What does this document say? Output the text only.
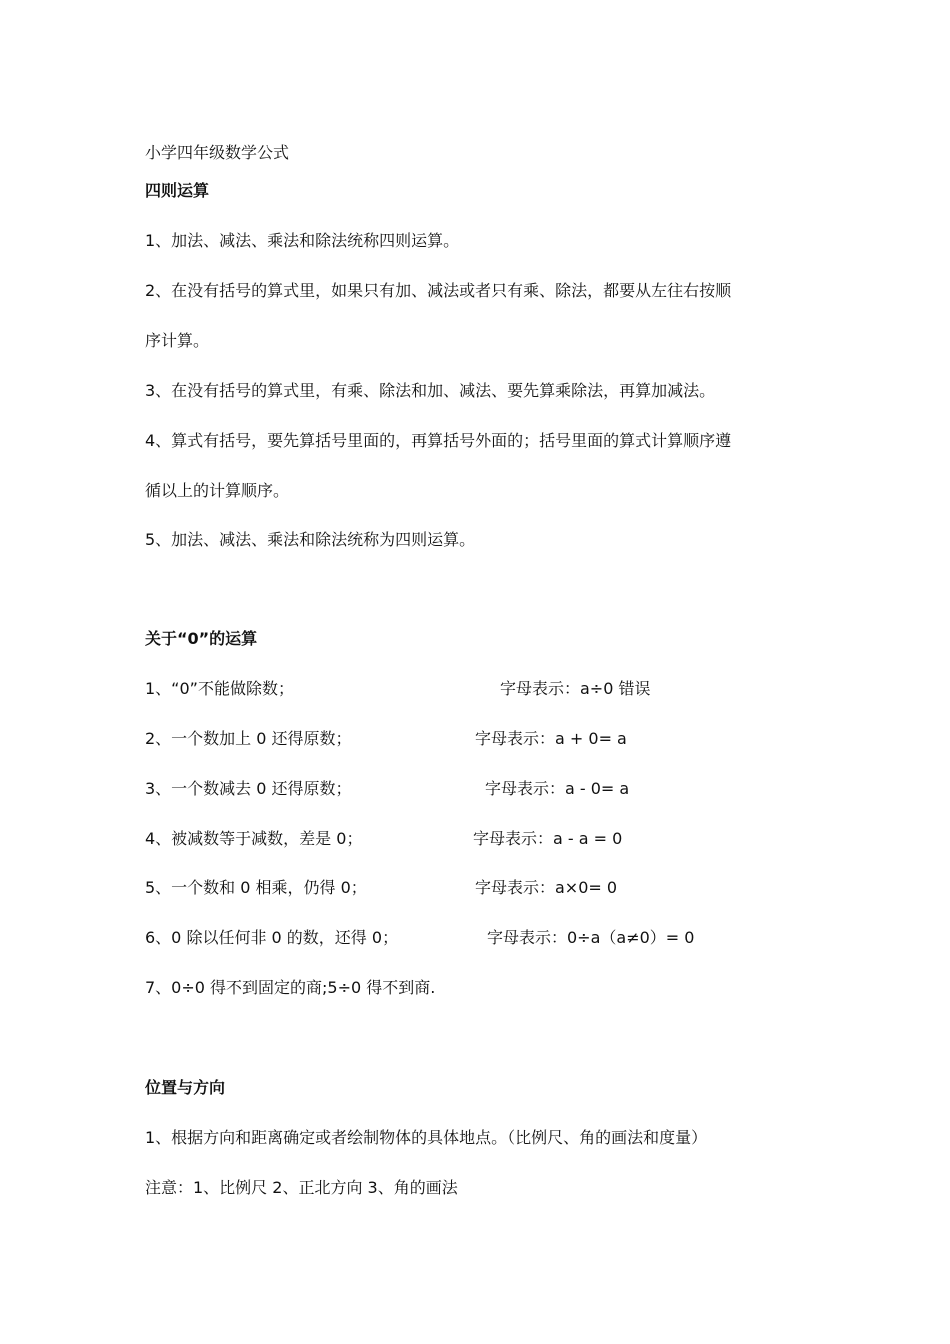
小学四年级数学公式
四则运算
1、加法、减法、乘法和除法统称四则运算。
2、在没有括号的算式里，如果只有加、减法或者只有乘、除法，都要从左往右按顺
序计算。
3、在没有括号的算式里，有乘、除法和加、减法、要先算乘除法，再算加减法。
4、算式有括号，要先算括号里面的，再算括号外面的；括号里面的算式计算顺序遵
循以上的计算顺序。
5、加法、减法、乘法和除法统称为四则运算。
关于“0”的运算
1、“0”不能做除数；	字母表示：a÷0 错误
2、一个数加上 0 还得原数；	字母表示：a + 0= a
3、一个数减去 0 还得原数；	字母表示：a - 0= a
4、被减数等于减数，差是 0；	字母表示：a - a = 0
5、一个数和 0 相乘，仍得 0；	字母表示：a×0= 0
6、0 除以任何非 0 的数，还得 0；	字母表示：0÷a（a≠0）= 0
7、0÷0 得不到固定的商;5÷0 得不到商.
位置与方向
1、根据方向和距离确定或者绘制物体的具体地点。（比例尺、角的画法和度量）
注意：1、比例尺 2、正北方向 3、角的画法
